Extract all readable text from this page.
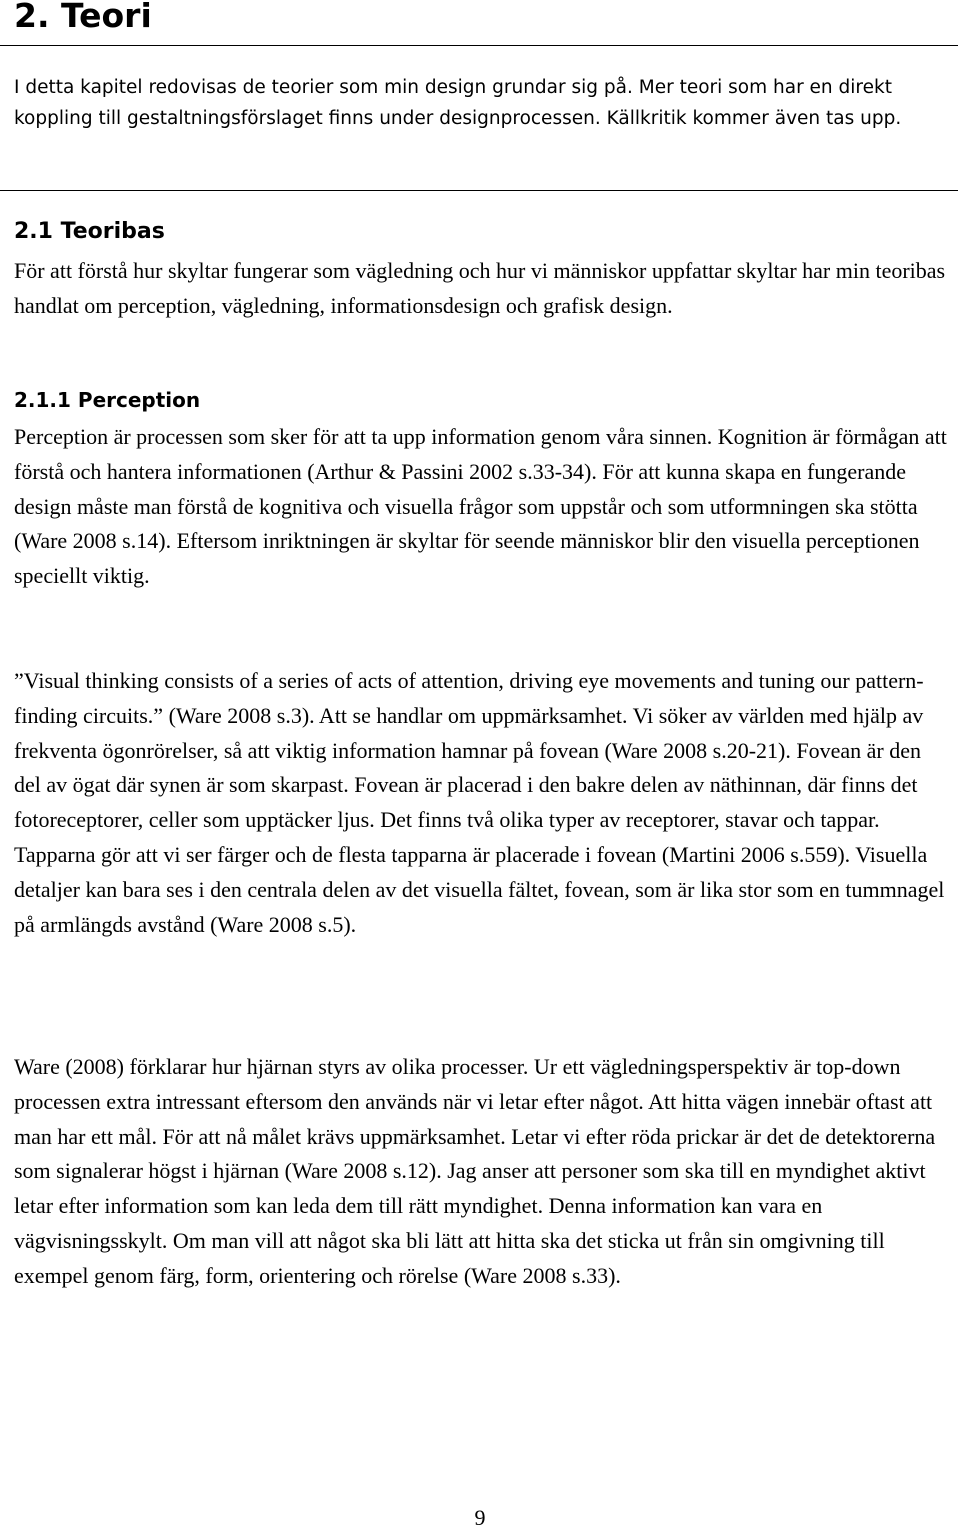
2. Teori

I detta kapitel redovisas de teorier som min design grundar sig på. Mer teori som har en direkt koppling till gestaltningsförslaget finns under designprocessen. Källkritik kommer även tas upp.

2.1 Teoribas

För att förstå hur skyltar fungerar som vägledning och hur vi människor uppfattar skyltar har min teoribas handlat om perception, vägledning, informationsdesign och grafisk design.

2.1.1 Perception

Perception är processen som sker för att ta upp information genom våra sinnen. Kognition är förmågan att förstå och hantera informationen (Arthur & Passini 2002 s.33-34). För att kunna skapa en fungerande design måste man förstå de kognitiva och visuella frågor som uppstår och som utformningen ska stötta (Ware 2008 s.14). Eftersom inriktningen är skyltar för seende människor blir den visuella perceptionen speciellt viktig.

”Visual thinking consists of a series of acts of attention, driving eye movements and tuning our pattern-finding circuits.” (Ware 2008 s.3). Att se handlar om uppmärksamhet. Vi söker av världen med hjälp av frekventa ögonrörelser, så att viktig information hamnar på fovean (Ware 2008 s.20-21). Fovean är den del av ögat där synen är som skarpast. Fovean är placerad i den bakre delen av näthinnan, där finns det fotoreceptorer, celler som upptäcker ljus. Det finns två olika typer av receptorer, stavar och tappar. Tapparna gör att vi ser färger och de flesta tapparna är placerade i fovean (Martini 2006 s.559). Visuella detaljer kan bara ses i den centrala delen av det visuella fältet, fovean, som är lika stor som en tummnagel på armlängds avstånd (Ware 2008 s.5).

Ware (2008) förklarar hur hjärnan styrs av olika processer. Ur ett vägledningsperspektiv är top-down processen extra intressant eftersom den används när vi letar efter något. Att hitta vägen innebär oftast att man har ett mål. För att nå målet krävs uppmärksamhet. Letar vi efter röda prickar är det de detektorerna som signalerar högst i hjärnan (Ware 2008 s.12). Jag anser att personer som ska till en myndighet aktivt letar efter information som kan leda dem till rätt myndighet. Denna information kan vara en vägvisningsskylt. Om man vill att något ska bli lätt att hitta ska det sticka ut från sin omgivning till exempel genom färg, form, orientering och rörelse (Ware 2008 s.33).

9
